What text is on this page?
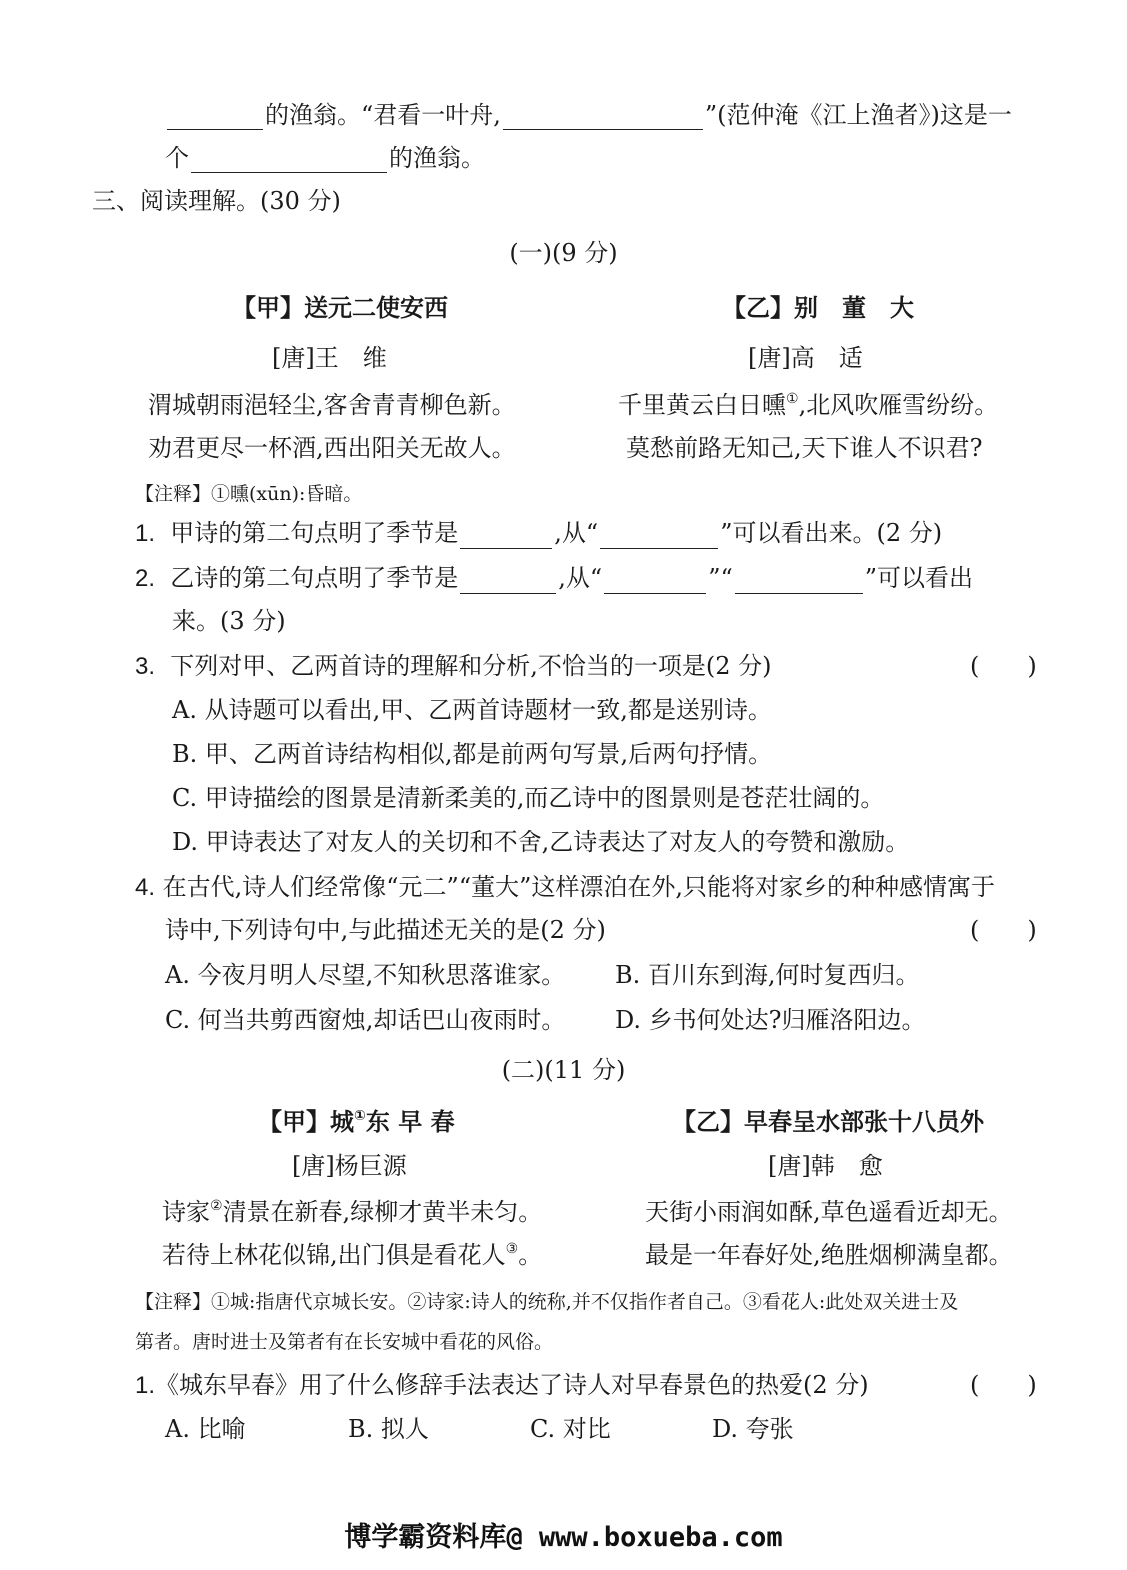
的渔翁。“君看一叶舟,	”(范仲淹《江上渔者》)这是一
个	的渔翁。
三、阅读理解。(30 分)
(一)(9 分)
【甲】送元二使安西	【乙】别　董　大
[唐]王　维	[唐]高　适
渭城朝雨浥轻尘,客舍青青柳色新。	千里黄云白日曛①,北风吹雁雪纷纷。
劝君更尽一杯酒,西出阳关无故人。	莫愁前路无知己,天下谁人不识君?
【注释】①曛(xūn):昏暗。
1. 甲诗的第二句点明了季节是	,从“	”可以看出来。(2 分)
2. 乙诗的第二句点明了季节是	,从“	”“	”可以看出
来。(3 分)
3. 下列对甲、乙两首诗的理解和分析,不恰当的一项是(2 分)	(　　)
A. 从诗题可以看出,甲、乙两首诗题材一致,都是送别诗。
B. 甲、乙两首诗结构相似,都是前两句写景,后两句抒情。
C. 甲诗描绘的图景是清新柔美的,而乙诗中的图景则是苍茫壮阔的。
D. 甲诗表达了对友人的关切和不舍,乙诗表达了对友人的夸赞和激励。
4. 在古代,诗人们经常像“元二”“董大”这样漂泊在外,只能将对家乡的种种感情寓于
诗中,下列诗句中,与此描述无关的是(2 分)	(　　)
A. 今夜月明人尽望,不知秋思落谁家。 B. 百川东到海,何时复西归。
C. 何当共剪西窗烛,却话巴山夜雨时。 D. 乡书何处达?归雁洛阳边。
(二)(11 分)
【甲】城①东 早 春	【乙】早春呈水部张十八员外
[唐]杨巨源	[唐]韩　愈
诗家②清景在新春,绿柳才黄半未匀。	天街小雨润如酥,草色遥看近却无。
若待上林花似锦,出门俱是看花人③。	最是一年春好处,绝胜烟柳满皇都。
【注释】①城:指唐代京城长安。②诗家:诗人的统称,并不仅指作者自己。③看花人:此处双关进士及
第者。唐时进士及第者有在长安城中看花的风俗。
1.《城东早春》用了什么修辞手法表达了诗人对早春景色的热爱(2 分)	(　　)
A. 比喻	B. 拟人	C. 对比	D. 夸张
博学霸资料库@ www.boxueba.com
